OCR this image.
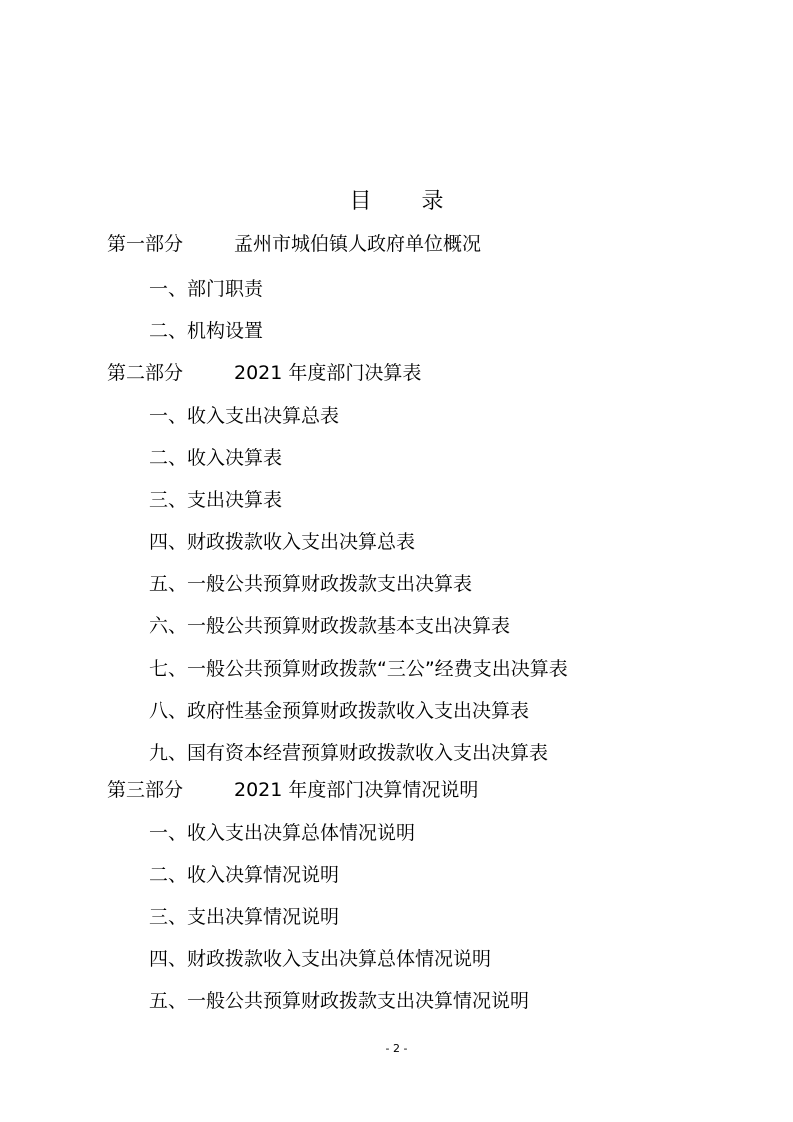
目 录
第一部分	孟州市城伯镇人政府单位概况
一、部门职责
二、机构设置
第二部分	2021 年度部门决算表
一、收入支出决算总表
二、收入决算表
三、支出决算表
四、财政拨款收入支出决算总表
五、一般公共预算财政拨款支出决算表
六、一般公共预算财政拨款基本支出决算表
七、一般公共预算财政拨款“三公”经费支出决算表
八、政府性基金预算财政拨款收入支出决算表
九、国有资本经营预算财政拨款收入支出决算表
第三部分	2021 年度部门决算情况说明
一、收入支出决算总体情况说明
二、收入决算情况说明
三、支出决算情况说明
四、财政拨款收入支出决算总体情况说明
五、一般公共预算财政拨款支出决算情况说明
- 2 -
